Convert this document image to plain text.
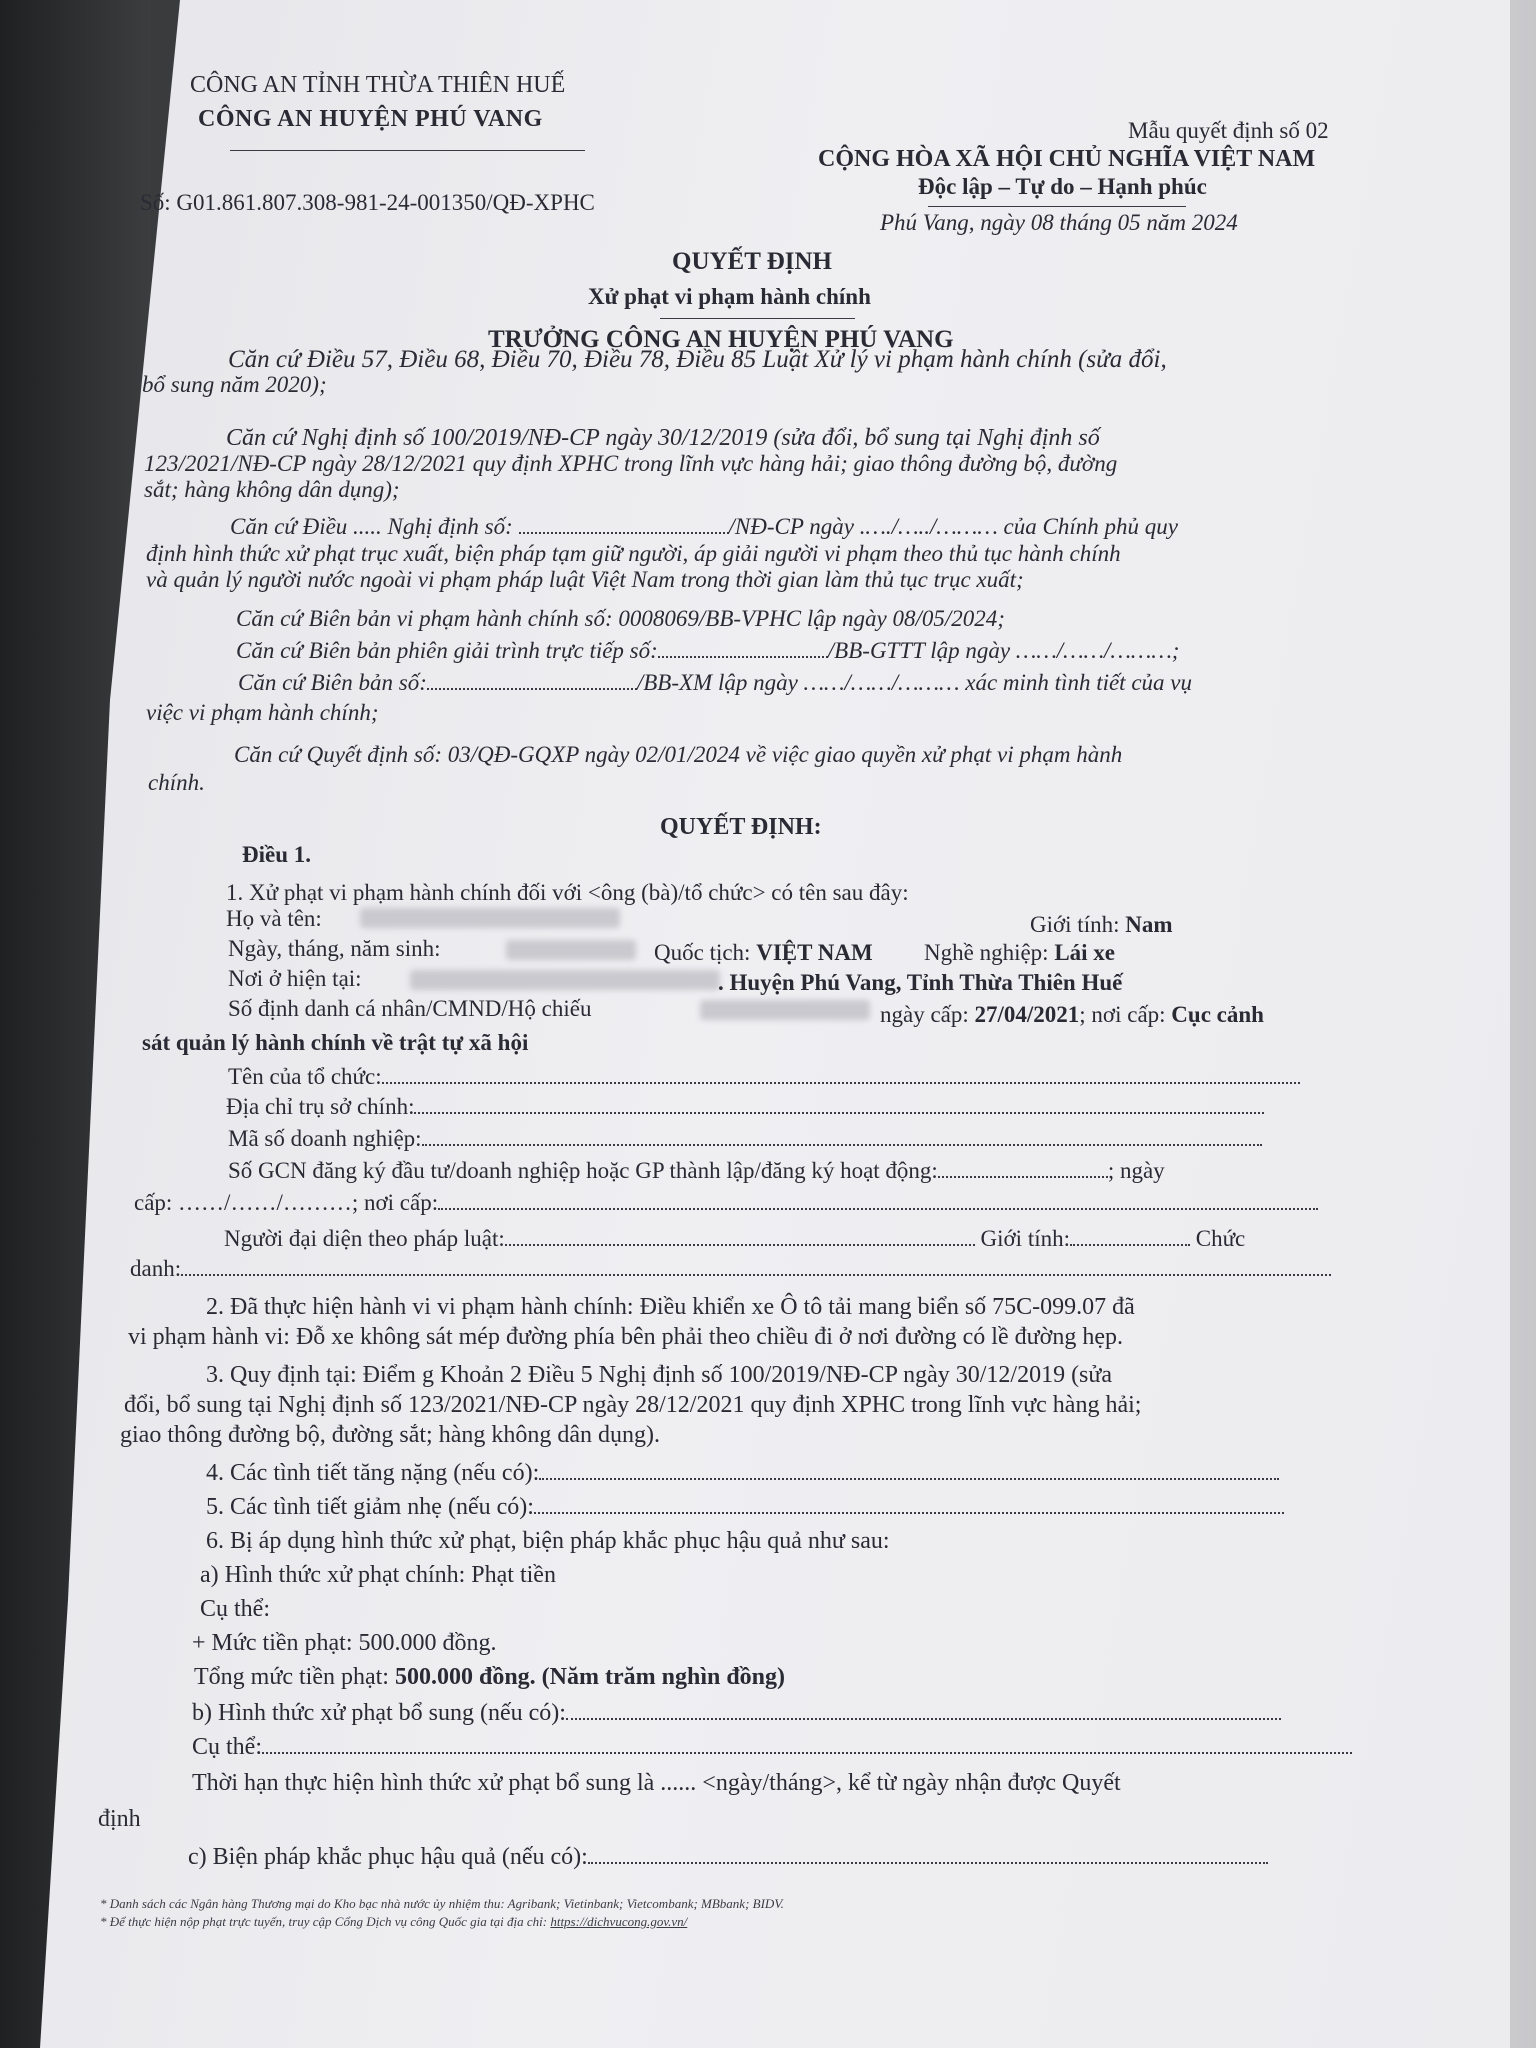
CÔNG AN TỈNH THỪA THIÊN HUẾ
CÔNG AN HUYỆN PHÚ VANG
Số: G01.861.807.308-981-24-001350/QĐ-XPHC
Mẫu quyết định số 02
CỘNG HÒA XÃ HỘI CHỦ NGHĨA VIỆT NAM
Độc lập – Tự do – Hạnh phúc
Phú Vang, ngày 08 tháng 05 năm 2024
QUYẾT ĐỊNH
Xử phạt vi phạm hành chính
TRƯỞNG CÔNG AN HUYỆN PHÚ VANG
Căn cứ Điều 57, Điều 68, Điều 70, Điều 78, Điều 85 Luật Xử lý vi phạm hành chính (sửa đổi,
bổ sung năm 2020);
Căn cứ Nghị định số 100/2019/NĐ-CP ngày 30/12/2019 (sửa đổi, bổ sung tại Nghị định số
123/2021/NĐ-CP ngày 28/12/2021 quy định XPHC trong lĩnh vực hàng hải; giao thông đường bộ, đường
sắt; hàng không dân dụng);
Căn cứ Điều ..... Nghị định số:	/NĐ-CP ngày .…./…../……… của Chính phủ quy
định hình thức xử phạt trục xuất, biện pháp tạm giữ người, áp giải người vi phạm theo thủ tục hành chính
và quản lý người nước ngoài vi phạm pháp luật Việt Nam trong thời gian làm thủ tục trục xuất;
Căn cứ Biên bản vi phạm hành chính số: 0008069/BB-VPHC lập ngày 08/05/2024;
Căn cứ Biên bản phiên giải trình trực tiếp số:	/BB-GTTT lập ngày ……/……/………;
Căn cứ Biên bản số:	/BB-XM lập ngày ……/……/……… xác minh tình tiết của vụ
việc vi phạm hành chính;
Căn cứ Quyết định số: 03/QĐ-GQXP ngày 02/01/2024 về việc giao quyền xử phạt vi phạm hành
chính.
QUYẾT ĐỊNH:
Điều 1.
1. Xử phạt vi phạm hành chính đối với <ông (bà)/tổ chức> có tên sau đây:
Họ và tên:	Giới tính: Nam
Ngày, tháng, năm sinh:	Quốc tịch: VIỆT NAM Nghề nghiệp: Lái xe
Nơi ở hiện tại:	. Huyện Phú Vang, Tỉnh Thừa Thiên Huế
Số định danh cá nhân/CMND/Hộ chiếu	ngày cấp: 27/04/2021; nơi cấp: Cục cảnh
sát quản lý hành chính về trật tự xã hội
Tên của tổ chức:
Địa chỉ trụ sở chính:
Mã số doanh nghiệp:
Số GCN đăng ký đầu tư/doanh nghiệp hoặc GP thành lập/đăng ký hoạt động:	; ngày
cấp: ……/……/………; nơi cấp:
Người đại diện theo pháp luật:	Giới tính:	Chức
danh:
2. Đã thực hiện hành vi vi phạm hành chính: Điều khiển xe Ô tô tải mang biển số 75C-099.07 đã
vi phạm hành vi: Đỗ xe không sát mép đường phía bên phải theo chiều đi ở nơi đường có lề đường hẹp.
3. Quy định tại: Điểm g Khoản 2 Điều 5 Nghị định số 100/2019/NĐ-CP ngày 30/12/2019 (sửa
đổi, bổ sung tại Nghị định số 123/2021/NĐ-CP ngày 28/12/2021 quy định XPHC trong lĩnh vực hàng hải;
giao thông đường bộ, đường sắt; hàng không dân dụng).
4. Các tình tiết tăng nặng (nếu có):
5. Các tình tiết giảm nhẹ (nếu có):
6. Bị áp dụng hình thức xử phạt, biện pháp khắc phục hậu quả như sau:
a) Hình thức xử phạt chính: Phạt tiền
Cụ thể:
+ Mức tiền phạt: 500.000 đồng.
Tổng mức tiền phạt: 500.000 đồng. (Năm trăm nghìn đồng)
b) Hình thức xử phạt bổ sung (nếu có):
Cụ thể:
Thời hạn thực hiện hình thức xử phạt bổ sung là ...... <ngày/tháng>, kể từ ngày nhận được Quyết
định
c) Biện pháp khắc phục hậu quả (nếu có):
* Danh sách các Ngân hàng Thương mại do Kho bạc nhà nước ủy nhiệm thu: Agribank; Vietinbank; Vietcombank; MBbank; BIDV.
* Để thực hiện nộp phạt trực tuyến, truy cập Cổng Dịch vụ công Quốc gia tại địa chỉ: https://dichvucong.gov.vn/
